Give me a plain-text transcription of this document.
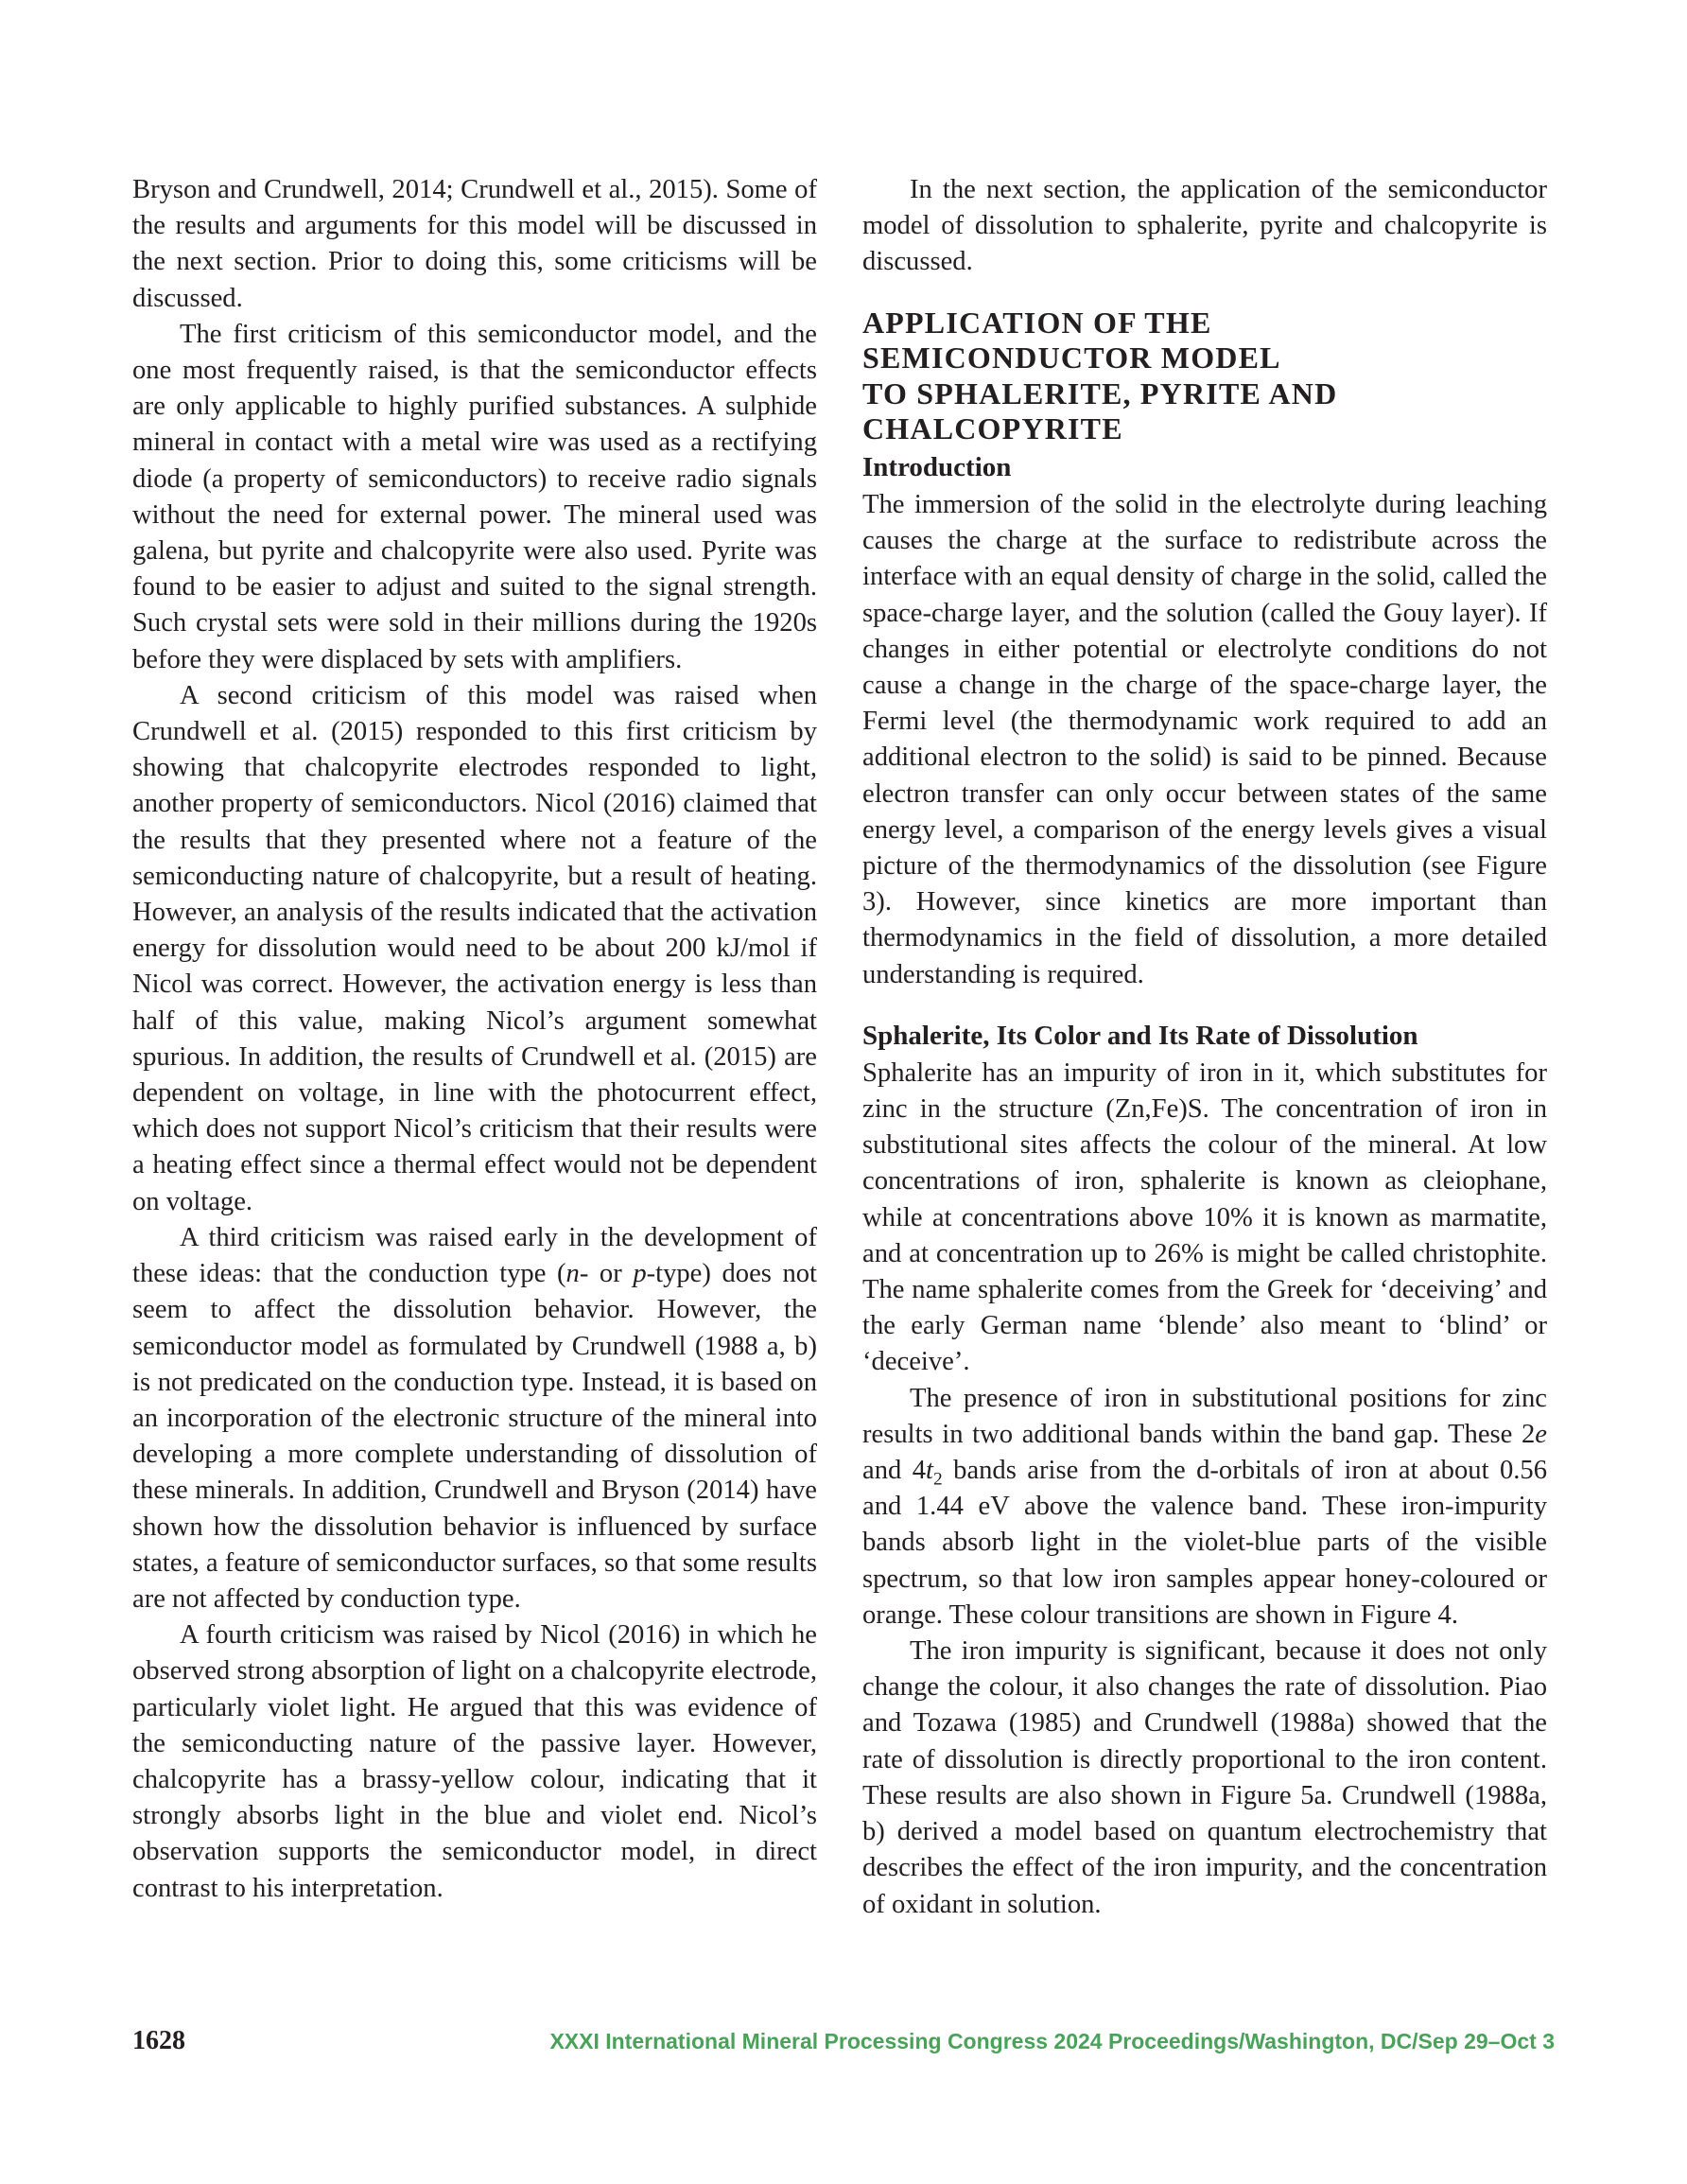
Bryson and Crundwell, 2014; Crundwell et al., 2015). Some of the results and arguments for this model will be discussed in the next section. Prior to doing this, some criticisms will be discussed.

The first criticism of this semiconductor model, and the one most frequently raised, is that the semiconductor effects are only applicable to highly purified substances. A sulphide mineral in contact with a metal wire was used as a rectifying diode (a property of semiconductors) to receive radio signals without the need for external power. The mineral used was galena, but pyrite and chalcopyrite were also used. Pyrite was found to be easier to adjust and suited to the signal strength. Such crystal sets were sold in their millions during the 1920s before they were displaced by sets with amplifiers.

A second criticism of this model was raised when Crundwell et al. (2015) responded to this first criticism by showing that chalcopyrite electrodes responded to light, another property of semiconductors. Nicol (2016) claimed that the results that they presented where not a feature of the semiconducting nature of chalcopyrite, but a result of heating. However, an analysis of the results indicated that the activation energy for dissolution would need to be about 200 kJ/mol if Nicol was correct. However, the activation energy is less than half of this value, making Nicol’s argument somewhat spurious. In addition, the results of Crundwell et al. (2015) are dependent on voltage, in line with the photocurrent effect, which does not support Nicol’s criticism that their results were a heating effect since a thermal effect would not be dependent on voltage.

A third criticism was raised early in the development of these ideas: that the conduction type (n- or p-type) does not seem to affect the dissolution behavior. However, the semiconductor model as formulated by Crundwell (1988 a, b) is not predicated on the conduction type. Instead, it is based on an incorporation of the electronic structure of the mineral into developing a more complete understanding of dissolution of these minerals. In addition, Crundwell and Bryson (2014) have shown how the dissolution behavior is influenced by surface states, a feature of semiconductor surfaces, so that some results are not affected by conduction type.

A fourth criticism was raised by Nicol (2016) in which he observed strong absorption of light on a chalcopyrite electrode, particularly violet light. He argued that this was evidence of the semiconducting nature of the passive layer. However, chalcopyrite has a brassy-yellow colour, indicating that it strongly absorbs light in the blue and violet end. Nicol’s observation supports the semiconductor model, in direct contrast to his interpretation.

In the next section, the application of the semiconductor model of dissolution to sphalerite, pyrite and chalcopyrite is discussed.

APPLICATION OF THE
SEMICONDUCTOR MODEL
TO SPHALERITE, PYRITE AND
CHALCOPYRITE
Introduction

The immersion of the solid in the electrolyte during leaching causes the charge at the surface to redistribute across the interface with an equal density of charge in the solid, called the space-charge layer, and the solution (called the Gouy layer). If changes in either potential or electrolyte conditions do not cause a change in the charge of the space-charge layer, the Fermi level (the thermodynamic work required to add an additional electron to the solid) is said to be pinned. Because electron transfer can only occur between states of the same energy level, a comparison of the energy levels gives a visual picture of the thermodynamics of the dissolution (see Figure 3). However, since kinetics are more important than thermodynamics in the field of dissolution, a more detailed understanding is required.

Sphalerite, Its Color and Its Rate of Dissolution

Sphalerite has an impurity of iron in it, which substitutes for zinc in the structure (Zn,Fe)S. The concentration of iron in substitutional sites affects the colour of the mineral. At low concentrations of iron, sphalerite is known as cleiophane, while at concentrations above 10% it is known as marmatite, and at concentration up to 26% is might be called christophite. The name sphalerite comes from the Greek for ‘deceiving’ and the early German name ‘blende’ also meant to ‘blind’ or ‘deceive’.

The presence of iron in substitutional positions for zinc results in two additional bands within the band gap. These 2e and $4t_2$ bands arise from the d-orbitals of iron at about 0.56 and 1.44 eV above the valence band. These iron-impurity bands absorb light in the violet-blue parts of the visible spectrum, so that low iron samples appear honey-coloured or orange. These colour transitions are shown in Figure 4.

The iron impurity is significant, because it does not only change the colour, it also changes the rate of dissolution. Piao and Tozawa (1985) and Crundwell (1988a) showed that the rate of dissolution is directly proportional to the iron content. These results are also shown in Figure 5a. Crundwell (1988a, b) derived a model based on quantum electrochemistry that describes the effect of the iron impurity, and the concentration of oxidant in solution.

1628	XXXI International Mineral Processing Congress 2024 Proceedings/Washington, DC/Sep 29–Oct 3
